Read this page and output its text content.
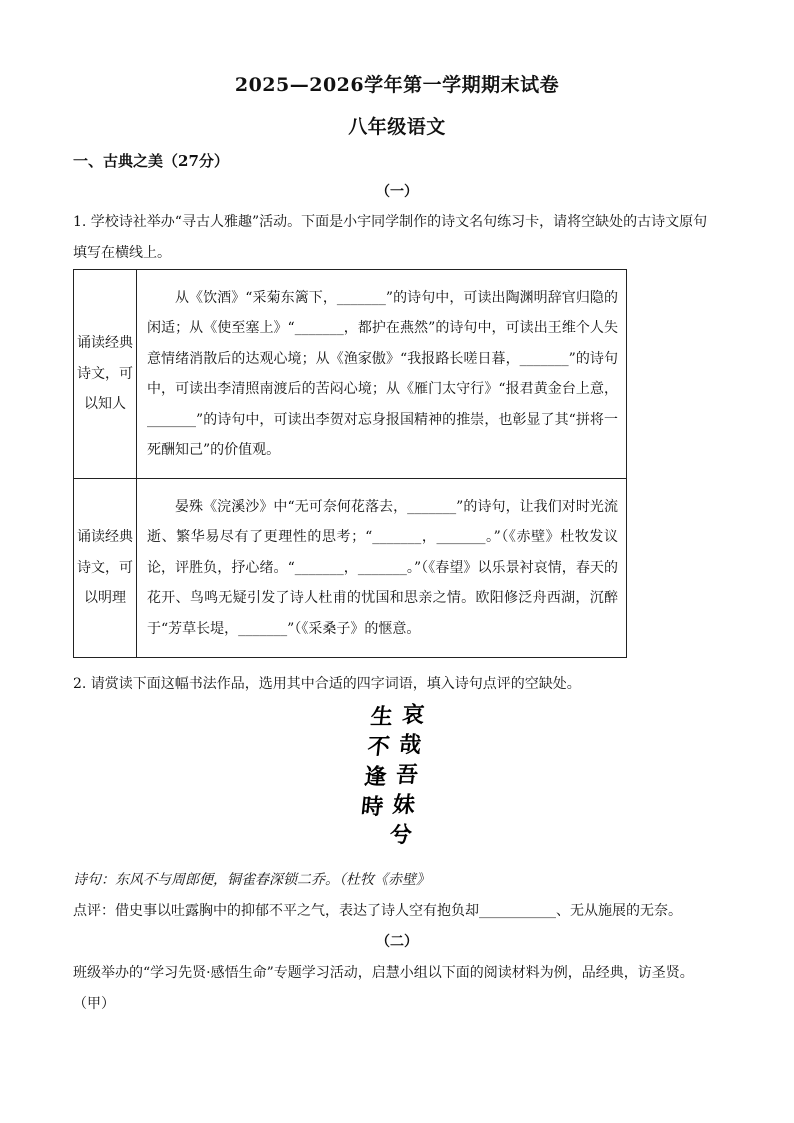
2025—2026学年第一学期期末试卷
八年级语文
一、古典之美（27分）
（一）
1. 学校诗社举办“寻古人雅趣”活动。下面是小宇同学制作的诗文名句练习卡，请将空缺处的古诗文原句
填写在横线上。
诵读经典诗文，可以知人	从《饮酒》“采菊东篱下，_______”的诗句中，可读出陶渊明辞官归隐的闲适；从《使至塞上》“_______，都护在燕然”的诗句中，可读出王维个人失意情绪消散后的达观心境；从《渔家傲》“我报路长嗟日暮，_______”的诗句中，可读出李清照南渡后的苦闷心境；从《雁门太守行》“报君黄金台上意，_______”的诗句中，可读出李贺对忘身报国精神的推崇，也彰显了其“拼将一死酬知己”的价值观。

诵读经典诗文，可以明理	晏殊《浣溪沙》中“无可奈何花落去，_______”的诗句，让我们对时光流逝、繁华易尽有了更理性的思考；“_______，_______。”（《赤壁》杜牧发议论，评胜负，抒心绪。“_______，_______。”（《春望》以乐景衬哀情，春天的花开、鸟鸣无疑引发了诗人杜甫的忧国和思亲之情。欧阳修泛舟西湖，沉醉于“芳草长堤，_______”（《采桑子》的惬意。
2. 请赏读下面这幅书法作品，选用其中合适的四字词语，填入诗句点评的空缺处。
哀
哉
吾
妹
兮
生
不
逢
時
诗句：东风不与周郎便，铜雀春深锁二乔。（杜牧《赤壁》
点评：借史事以吐露胸中的抑郁不平之气，表达了诗人空有抱负却___________、无从施展的无奈。
（二）
班级举办的“学习先贤·感悟生命”专题学习活动，启慧小组以下面的阅读材料为例，品经典，访圣贤。
（甲）
